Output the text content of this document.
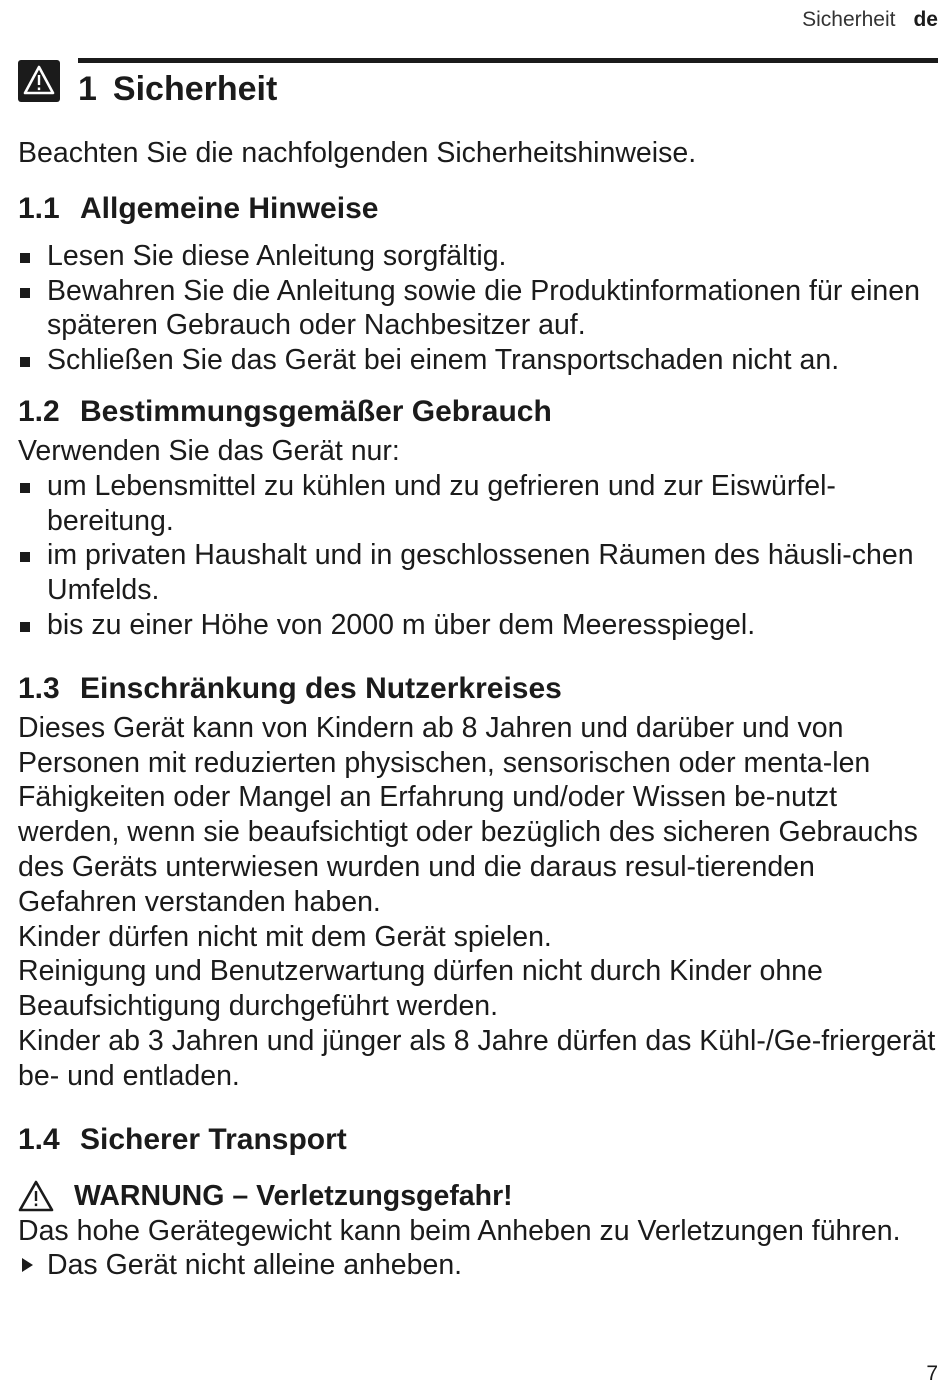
Sicherheit de
1 Sicherheit

Beachten Sie die nachfolgenden Sicherheitshinweise.

1.1 Allgemeine Hinweise
Lesen Sie diese Anleitung sorgfältig.
Bewahren Sie die Anleitung sowie die Produktinformationen für einen späteren Gebrauch oder Nachbesitzer auf.
Schließen Sie das Gerät bei einem Transportschaden nicht an.
1.2 Bestimmungsgemäßer Gebrauch

Verwenden Sie das Gerät nur:

um Lebensmittel zu kühlen und zu gefrieren und zur Eiswürfel-bereitung.
im privaten Haushalt und in geschlossenen Räumen des häusli-chen Umfelds.
bis zu einer Höhe von 2000 m über dem Meeresspiegel.
1.3 Einschränkung des Nutzerkreises

Dieses Gerät kann von Kindern ab 8 Jahren und darüber und von Personen mit reduzierten physischen, sensorischen oder menta-len Fähigkeiten oder Mangel an Erfahrung und/oder Wissen be-nutzt werden, wenn sie beaufsichtigt oder bezüglich des sicheren Gebrauchs des Geräts unterwiesen wurden und die daraus resul-tierenden Gefahren verstanden haben.

Kinder dürfen nicht mit dem Gerät spielen.

Reinigung und Benutzerwartung dürfen nicht durch Kinder ohne Beaufsichtigung durchgeführt werden.

Kinder ab 3 Jahren und jünger als 8 Jahre dürfen das Kühl-/Ge-friergerät be- und entladen.

1.4 Sicherer Transport
WARNUNG – Verletzungsgefahr!

Das hohe Gerätegewicht kann beim Anheben zu Verletzungen führen.

Das Gerät nicht alleine anheben.
7
